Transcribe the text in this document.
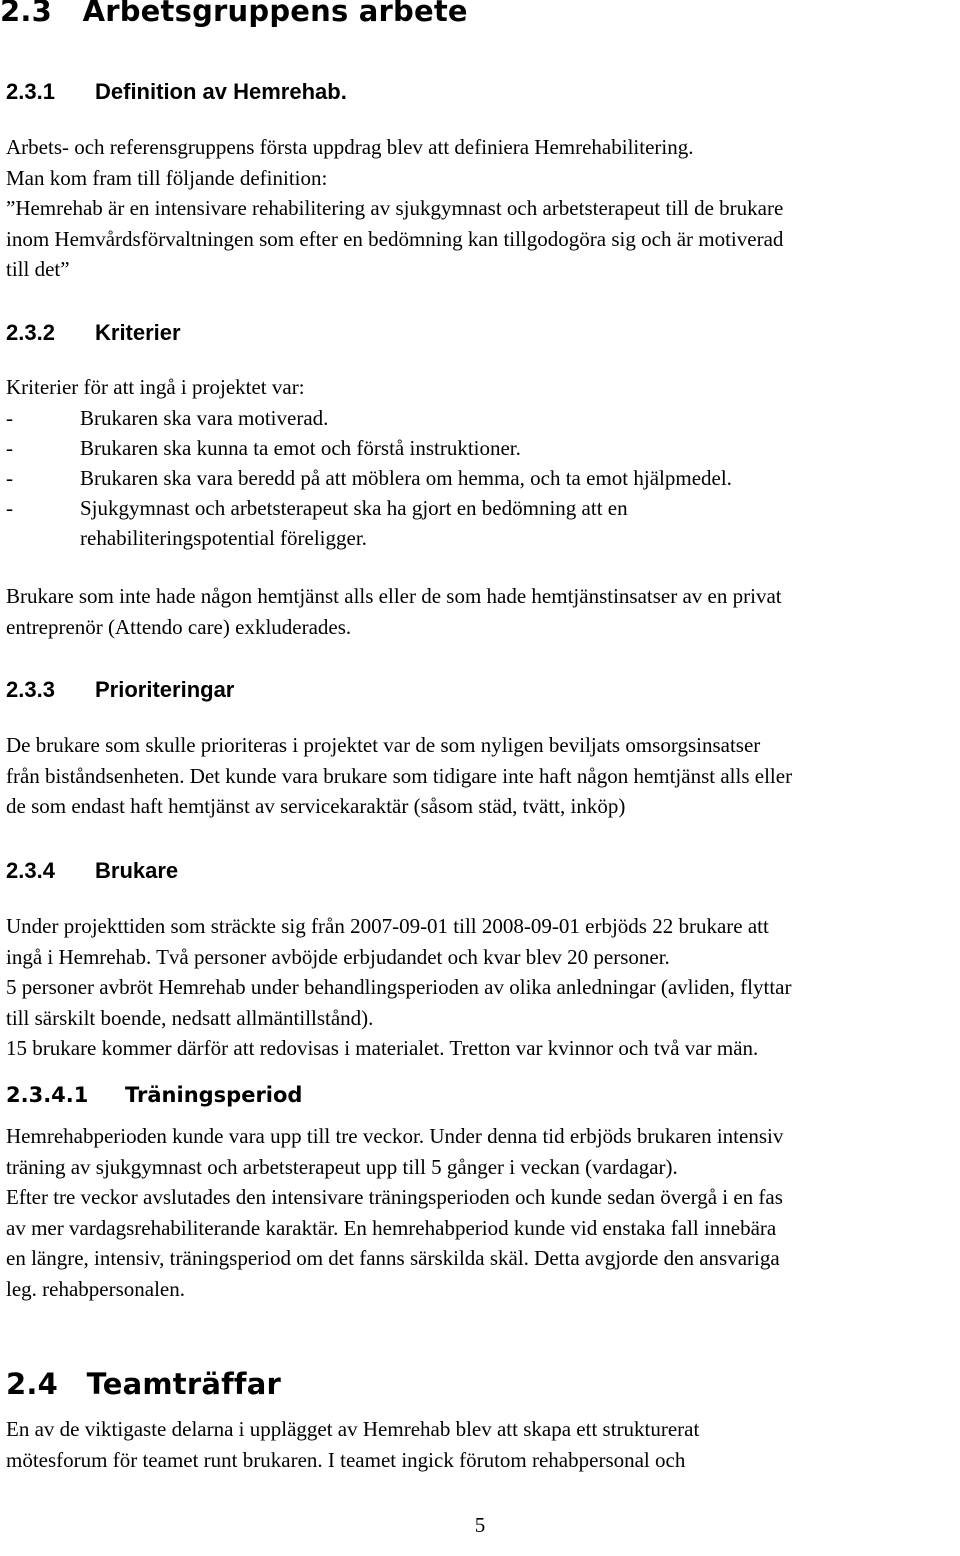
2.3 Arbetsgruppens arbete
2.3.1 Definition av Hemrehab.

Arbets- och referensgruppens första uppdrag blev att definiera Hemrehabilitering.

Man kom fram till följande definition:

”Hemrehab är en intensivare rehabilitering av sjukgymnast och arbetsterapeut till de brukare

inom Hemvårdsförvaltningen som efter en bedömning kan tillgodogöra sig och är motiverad

till det”

2.3.2 Kriterier

Kriterier för att ingå i projektet var:

-	Brukaren ska vara motiverad.
-	Brukaren ska kunna ta emot och förstå instruktioner.
-	Brukaren ska vara beredd på att möblera om hemma, och ta emot hjälpmedel.
-	Sjukgymnast och arbetsterapeut ska ha gjort en bedömning att en
rehabiliteringspotential föreligger.

Brukare som inte hade någon hemtjänst alls eller de som hade hemtjänstinsatser av en privat

entreprenör (Attendo care) exkluderades.

2.3.3 Prioriteringar

De brukare som skulle prioriteras i projektet var de som nyligen beviljats omsorgsinsatser

från biståndsenheten. Det kunde vara brukare som tidigare inte haft någon hemtjänst alls eller

de som endast haft hemtjänst av servicekaraktär (såsom städ, tvätt, inköp)

2.3.4 Brukare

Under projekttiden som sträckte sig från 2007-09-01 till 2008-09-01 erbjöds 22 brukare att

ingå i Hemrehab. Två personer avböjde erbjudandet och kvar blev 20 personer.

5 personer avbröt Hemrehab under behandlingsperioden av olika anledningar (avliden, flyttar

till särskilt boende, nedsatt allmäntillstånd).

15 brukare kommer därför att redovisas i materialet. Tretton var kvinnor och två var män.

2.3.4.1 Träningsperiod

Hemrehabperioden kunde vara upp till tre veckor. Under denna tid erbjöds brukaren intensiv

träning av sjukgymnast och arbetsterapeut upp till 5 gånger i veckan (vardagar).

Efter tre veckor avslutades den intensivare träningsperioden och kunde sedan övergå i en fas

av mer vardagsrehabiliterande karaktär. En hemrehabperiod kunde vid enstaka fall innebära

en längre, intensiv, träningsperiod om det fanns särskilda skäl. Detta avgjorde den ansvariga

leg. rehabpersonalen.

2.4 Teamträffar

En av de viktigaste delarna i upplägget av Hemrehab blev att skapa ett strukturerat

mötesforum för teamet runt brukaren. I teamet ingick förutom rehabpersonal och

5
